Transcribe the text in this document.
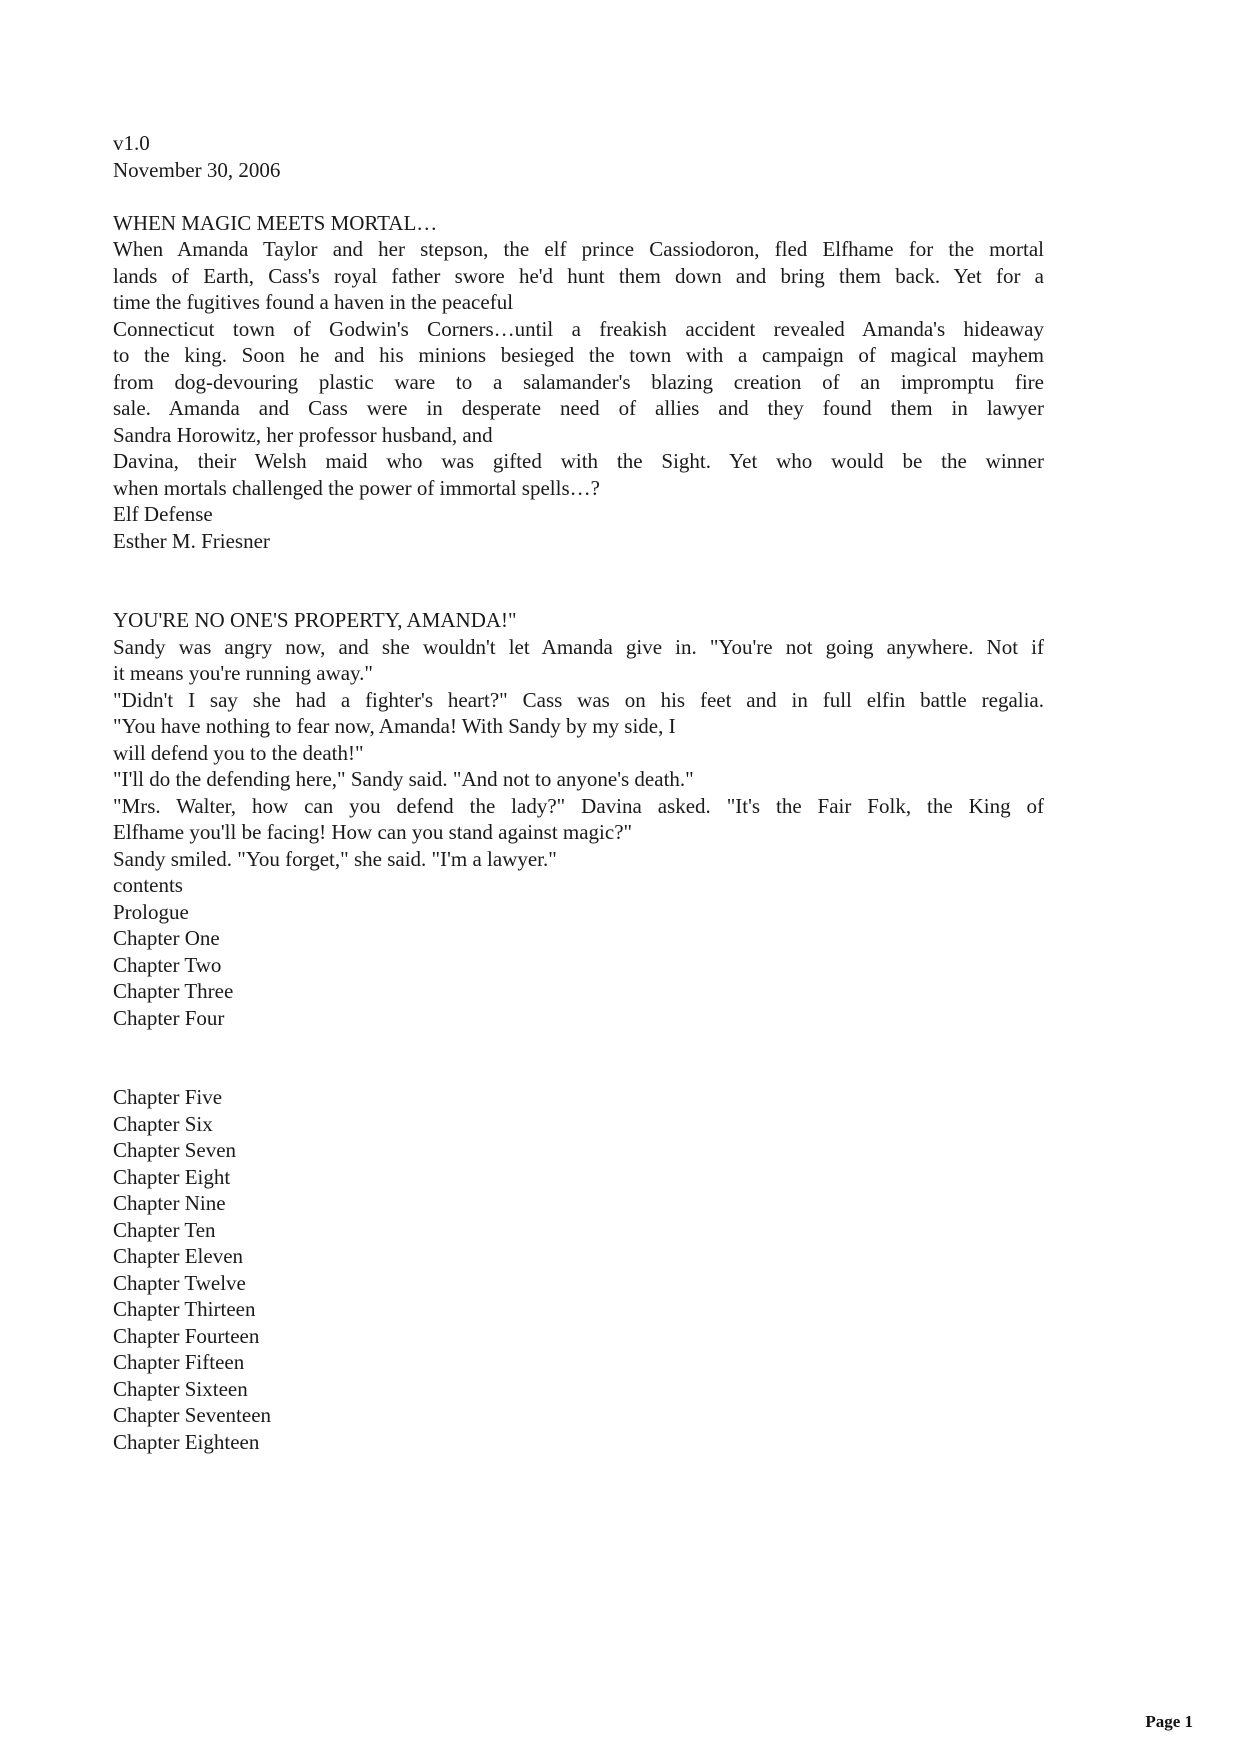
v1.0
November 30, 2006
WHEN MAGIC MEETS MORTAL…
When Amanda Taylor and her stepson, the elf prince Cassiodoron, fled Elfhame for the mortal
lands of Earth, Cass's royal father swore he'd hunt them down and bring them back. Yet for a
time the fugitives found a haven in the peaceful
Connecticut town of Godwin's Corners…until a freakish accident revealed Amanda's hideaway
to the king. Soon he and his minions besieged the town with a campaign of magical mayhem
from dog-devouring plastic ware to a salamander's blazing creation of an impromptu fire
sale. Amanda and Cass were in desperate need of allies and they found them in lawyer
Sandra Horowitz, her professor husband, and
Davina, their Welsh maid who was gifted with the Sight. Yet who would be the winner
when mortals challenged the power of immortal spells…?
Elf Defense
Esther M. Friesner
YOU'RE NO ONE'S PROPERTY, AMANDA!"
Sandy was angry now, and she wouldn't let Amanda give in. "You're not going anywhere. Not if
it means you're running away."
"Didn't I say she had a fighter's heart?" Cass was on his feet and in full elfin battle regalia.
"You have nothing to fear now, Amanda! With Sandy by my side, I
will defend you to the death!"
"I'll do the defending here," Sandy said. "And not to anyone's death."
"Mrs. Walter, how can you defend the lady?" Davina asked. "It's the Fair Folk, the King of
Elfhame you'll be facing! How can you stand against magic?"
Sandy smiled. "You forget," she said. "I'm a lawyer."
contents
Prologue
Chapter One
Chapter Two
Chapter Three
Chapter Four
Chapter Five
Chapter Six
Chapter Seven
Chapter Eight
Chapter Nine
Chapter Ten
Chapter Eleven
Chapter Twelve
Chapter Thirteen
Chapter Fourteen
Chapter Fifteen
Chapter Sixteen
Chapter Seventeen
Chapter Eighteen
Page 1
